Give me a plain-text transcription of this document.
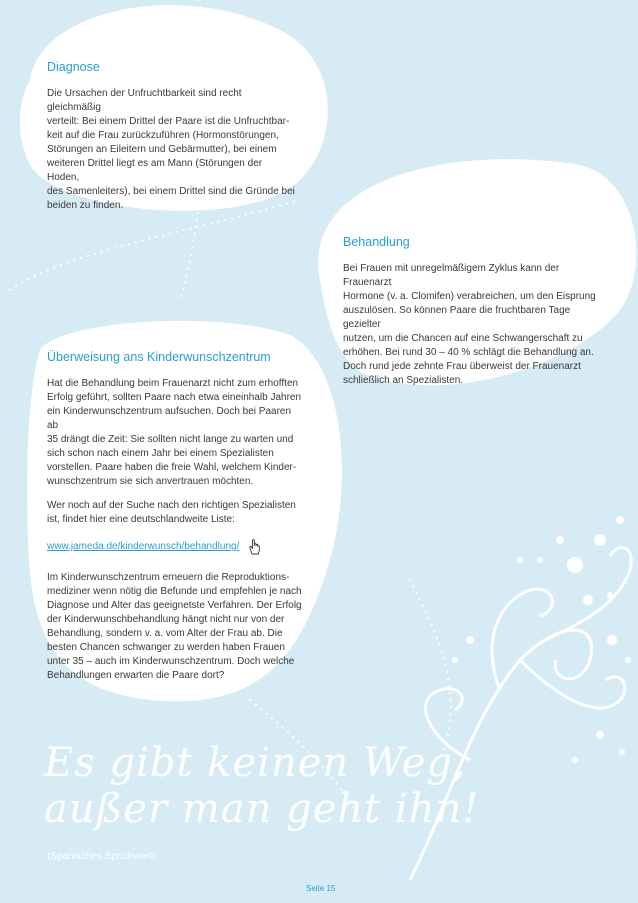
Diagnose

Die Ursachen der Unfruchtbarkeit sind recht gleichmäßig
verteilt: Bei einem Drittel der Paare ist die Unfruchtbar-
keit auf die Frau zurückzuführen (Hormonstörungen,
Störungen an Eileitern und Gebärmutter), bei einem
weiteren Drittel liegt es am Mann (Störungen der Hoden,
des Samenleiters), bei einem Drittel sind die Gründe bei
beiden zu finden.

Behandlung

Bei Frauen mit unregelmäßigem Zyklus kann der Frauenarzt
Hormone (v. a. Clomifen) verabreichen, um den Eisprung
auszulösen. So können Paare die fruchtbaren Tage gezielter
nutzen, um die Chancen auf eine Schwangerschaft zu
erhöhen. Bei rund 30 – 40 % schlägt die Behandlung an.
Doch rund jede zehnte Frau überweist der Frauenarzt
schließlich an Spezialisten.

Überweisung ans Kinderwunschzentrum

Hat die Behandlung beim Frauenarzt nicht zum erhofften
Erfolg geführt, sollten Paare nach etwa eineinhalb Jahren
ein Kinderwunschzentrum aufsuchen. Doch bei Paaren ab
35 drängt die Zeit: Sie sollten nicht lange zu warten und
sich schon nach einem Jahr bei einem Spezialisten
vorstellen. Paare haben die freie Wahl, welchem Kinder-
wunschzentrum sie sich anvertrauen möchten.

Wer noch auf der Suche nach den richtigen Spezialisten
ist, findet hier eine deutschlandweite Liste:

www.jameda.de/kinderwunsch/behandlung/

Im Kinderwunschzentrum erneuern die Reproduktions-
mediziner wenn nötig die Befunde und empfehlen je nach
Diagnose und Alter das geeignetste Verfahren. Der Erfolg
der Kinderwunschbehandlung hängt nicht nur von der
Behandlung, sondern v. a. vom Alter der Frau ab. Die
besten Chancen schwanger zu werden haben Frauen
unter 35 – auch im Kinderwunschzentrum. Doch welche
Behandlungen erwarten die Paare dort?

Es gibt keinen Weg,
außer man geht ihn!
(Spanisches Sprichwort)
Seite 15
